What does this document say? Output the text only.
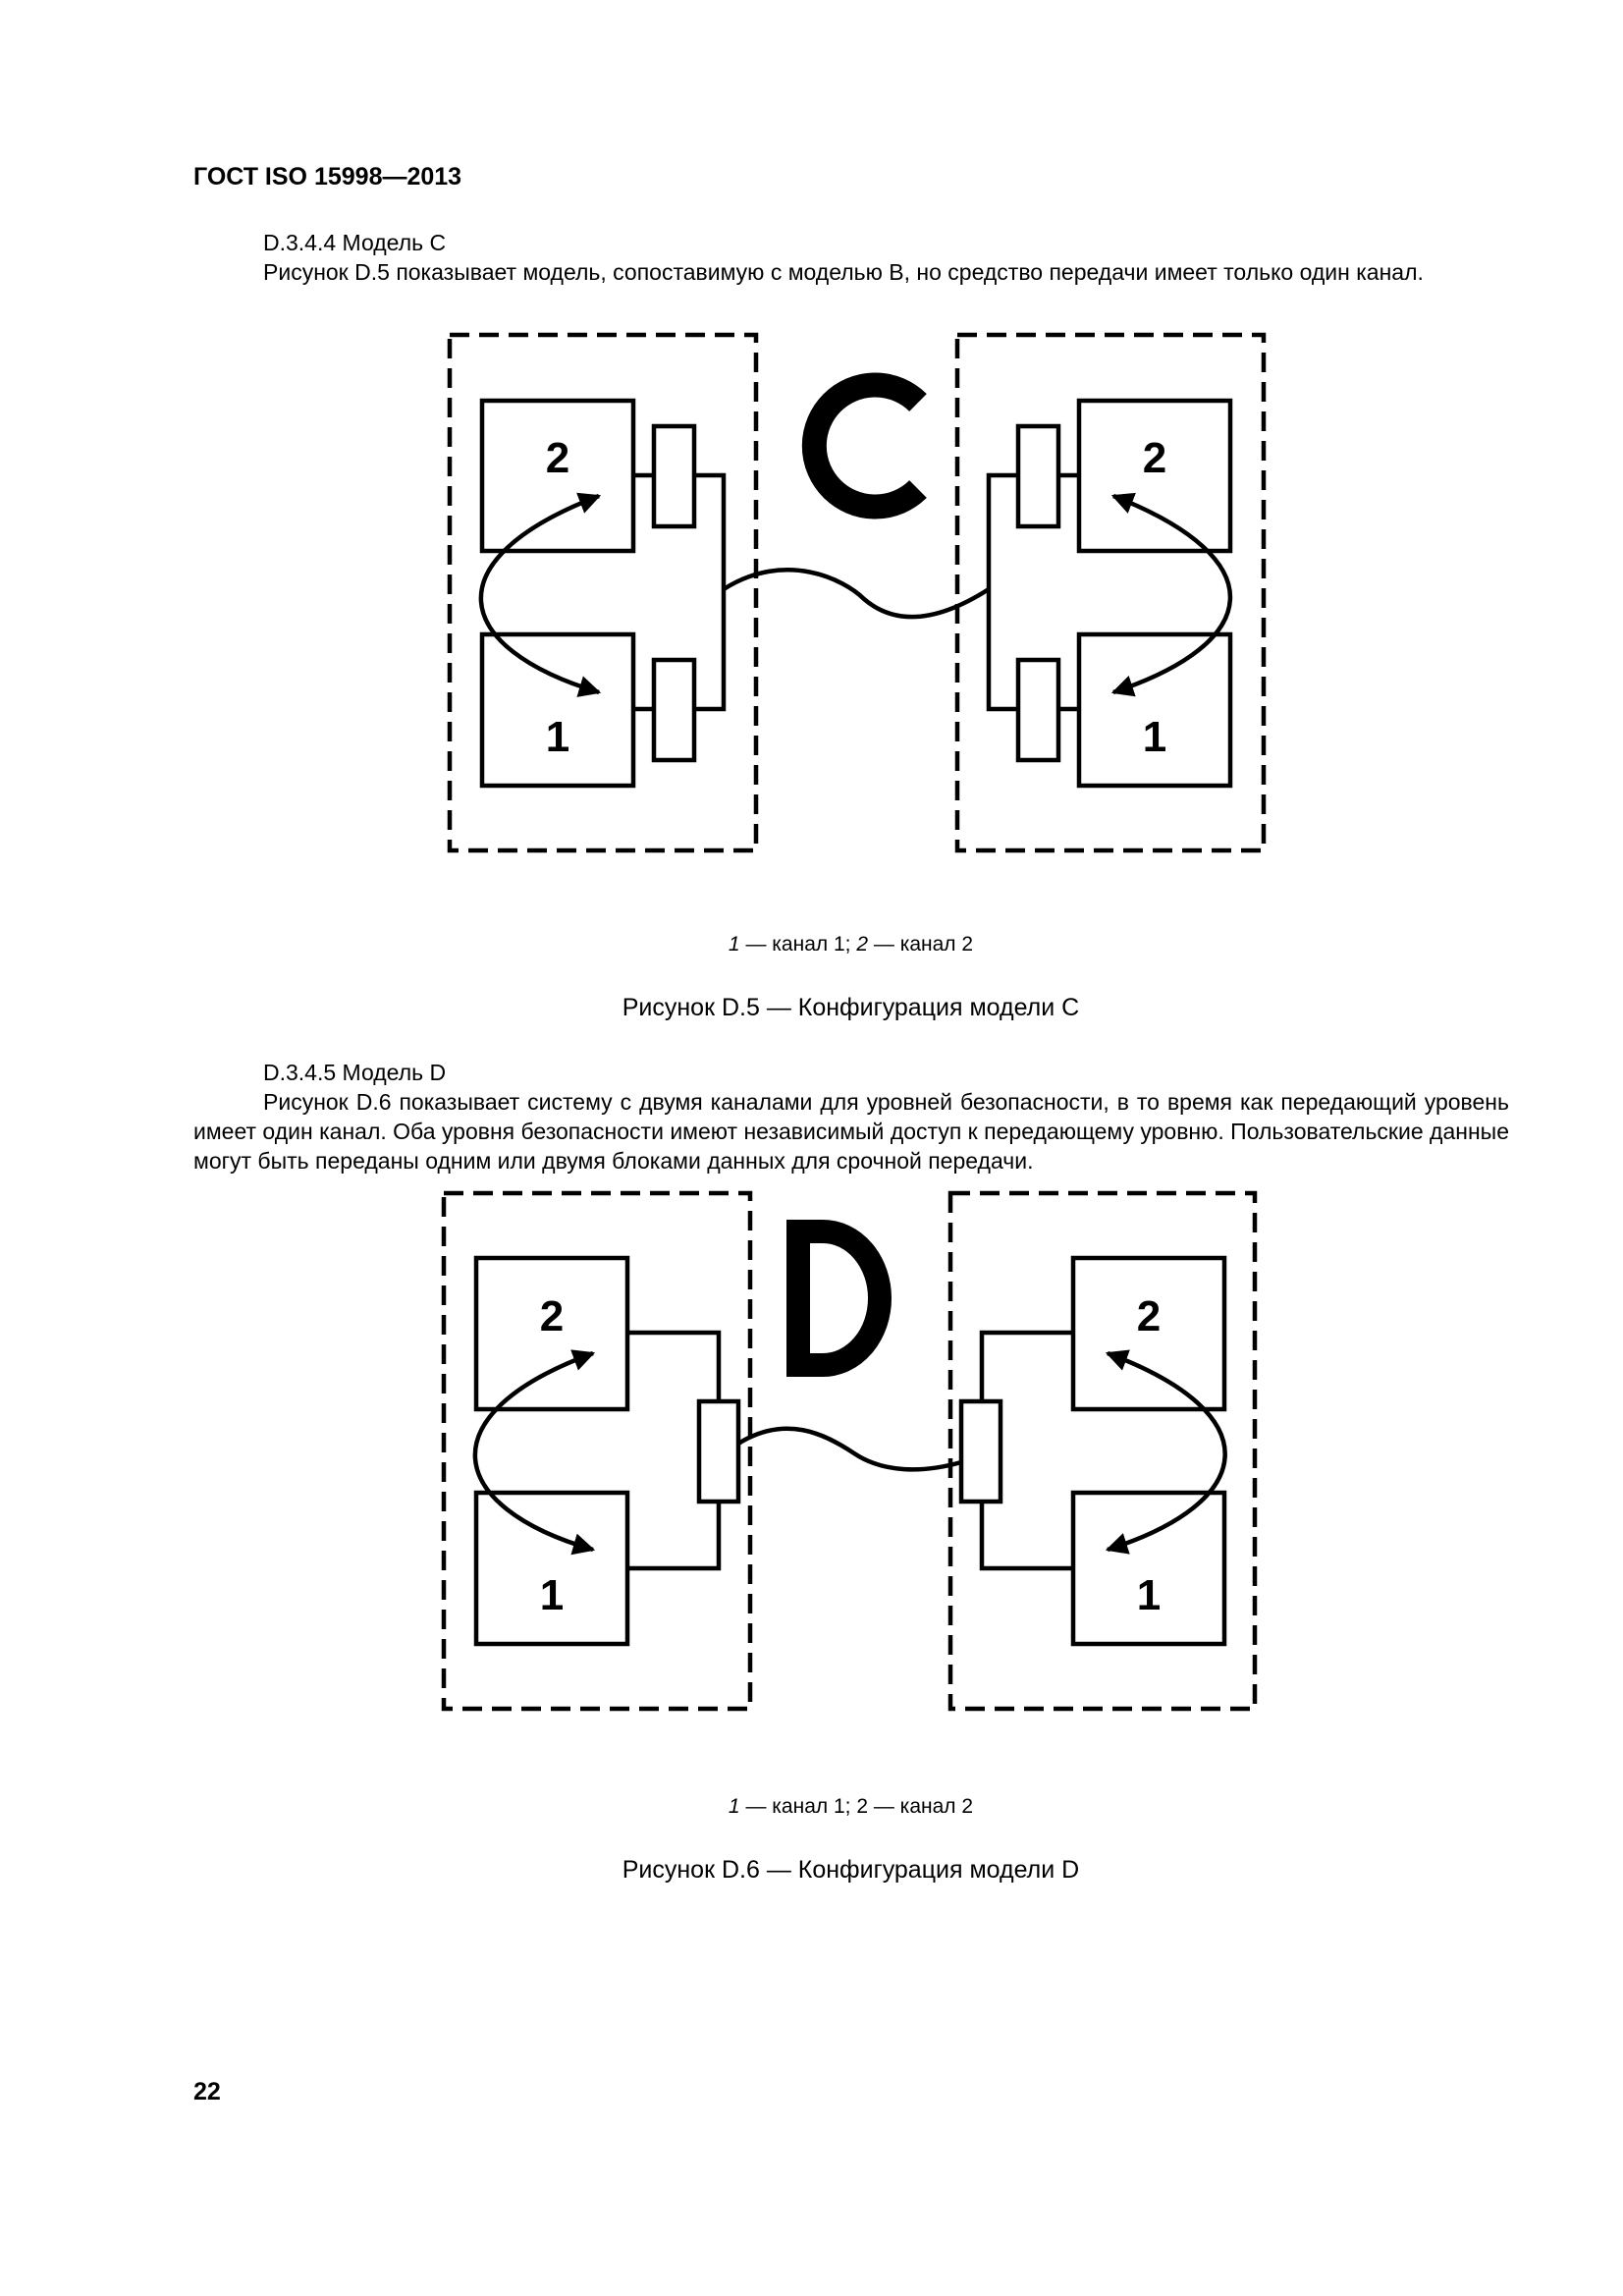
ГОСТ ISO 15998—2013
D.3.4.4 Модель С
Рисунок D.5 показывает модель, сопоставимую с моделью В, но средство передачи имеет только один канал.
2
1
2
1
2
1
2
1
1 — канал 1; 2 — канал 2
Рисунок D.5 — Конфигурация модели С
D.3.4.5 Модель D
Рисунок D.6 показывает систему с двумя каналами для уровней безопасности, в то время как передающий уровень имеет один канал. Оба уровня безопасности имеют независимый доступ к передающему уровню. Пользовательские данные могут быть переданы одним или двумя блоками данных для срочной передачи.
1 — канал 1; 2 — канал 2
Рисунок D.6 — Конфигурация модели D
22
